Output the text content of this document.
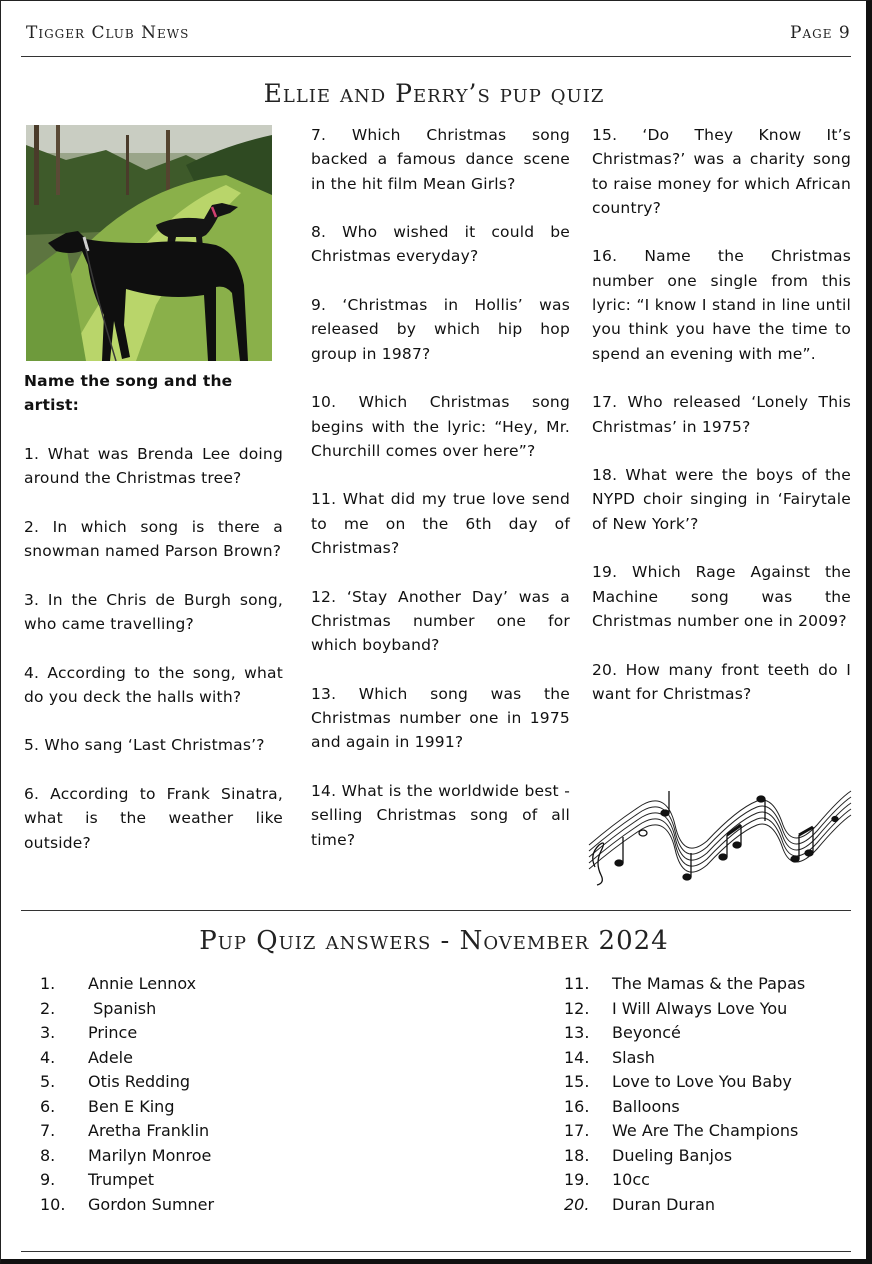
Tigger Club News	Page 9
Ellie and Perry’s pup quiz

Name the song and the artist:

1. What was Brenda Lee doing around the Christmas tree?

2. In which song is there a snowman named Parson Brown?

3. In the Chris de Burgh song, who came travelling?

4. According to the song, what do you deck the halls with?

5. Who sang ‘Last Christmas’?

6. According to Frank Sinatra, what is the weather like outside?

7. Which Christmas song backed a famous dance scene in the hit film Mean Girls?

8. Who wished it could be Christmas everyday?

9. ‘Christmas in Hollis’ was released by which hip hop group in 1987?

10. Which Christmas song begins with the lyric: “Hey, Mr. Churchill comes over here”?

11. What did my true love send to me on the 6th day of Christmas?

12. ‘Stay Another Day’ was a Christmas number one for which boyband?

13. Which song was the Christmas number one in 1975 and again in 1991?

14. What is the worldwide best -selling Christmas song of all time?

15. ‘Do They Know It’s Christmas?’ was a charity song to raise money for which African country?

16. Name the Christmas number one single from this lyric: “I know I stand in line until you think you have the time to spend an evening with me”.

17. Who released ‘Lonely This Christmas’ in 1975?

18. What were the boys of the NYPD choir singing in ‘Fairytale of New York’?

19. Which Rage Against the Machine song was the Christmas number one in 2009?

20. How many front teeth do I want for Christmas?

Pup Quiz answers - November 2024
1. Annie Lennox
2. Spanish
3. Prince
4. Adele
5. Otis Redding
6. Ben E King
7. Aretha Franklin
8. Marilyn Monroe
9. Trumpet
10. Gordon Sumner
11. The Mamas & the Papas
12. I Will Always Love You
13. Beyoncé
14. Slash
15. Love to Love You Baby
16. Balloons
17. We Are The Champions
18. Dueling Banjos
19. 10cc
20. Duran Duran
